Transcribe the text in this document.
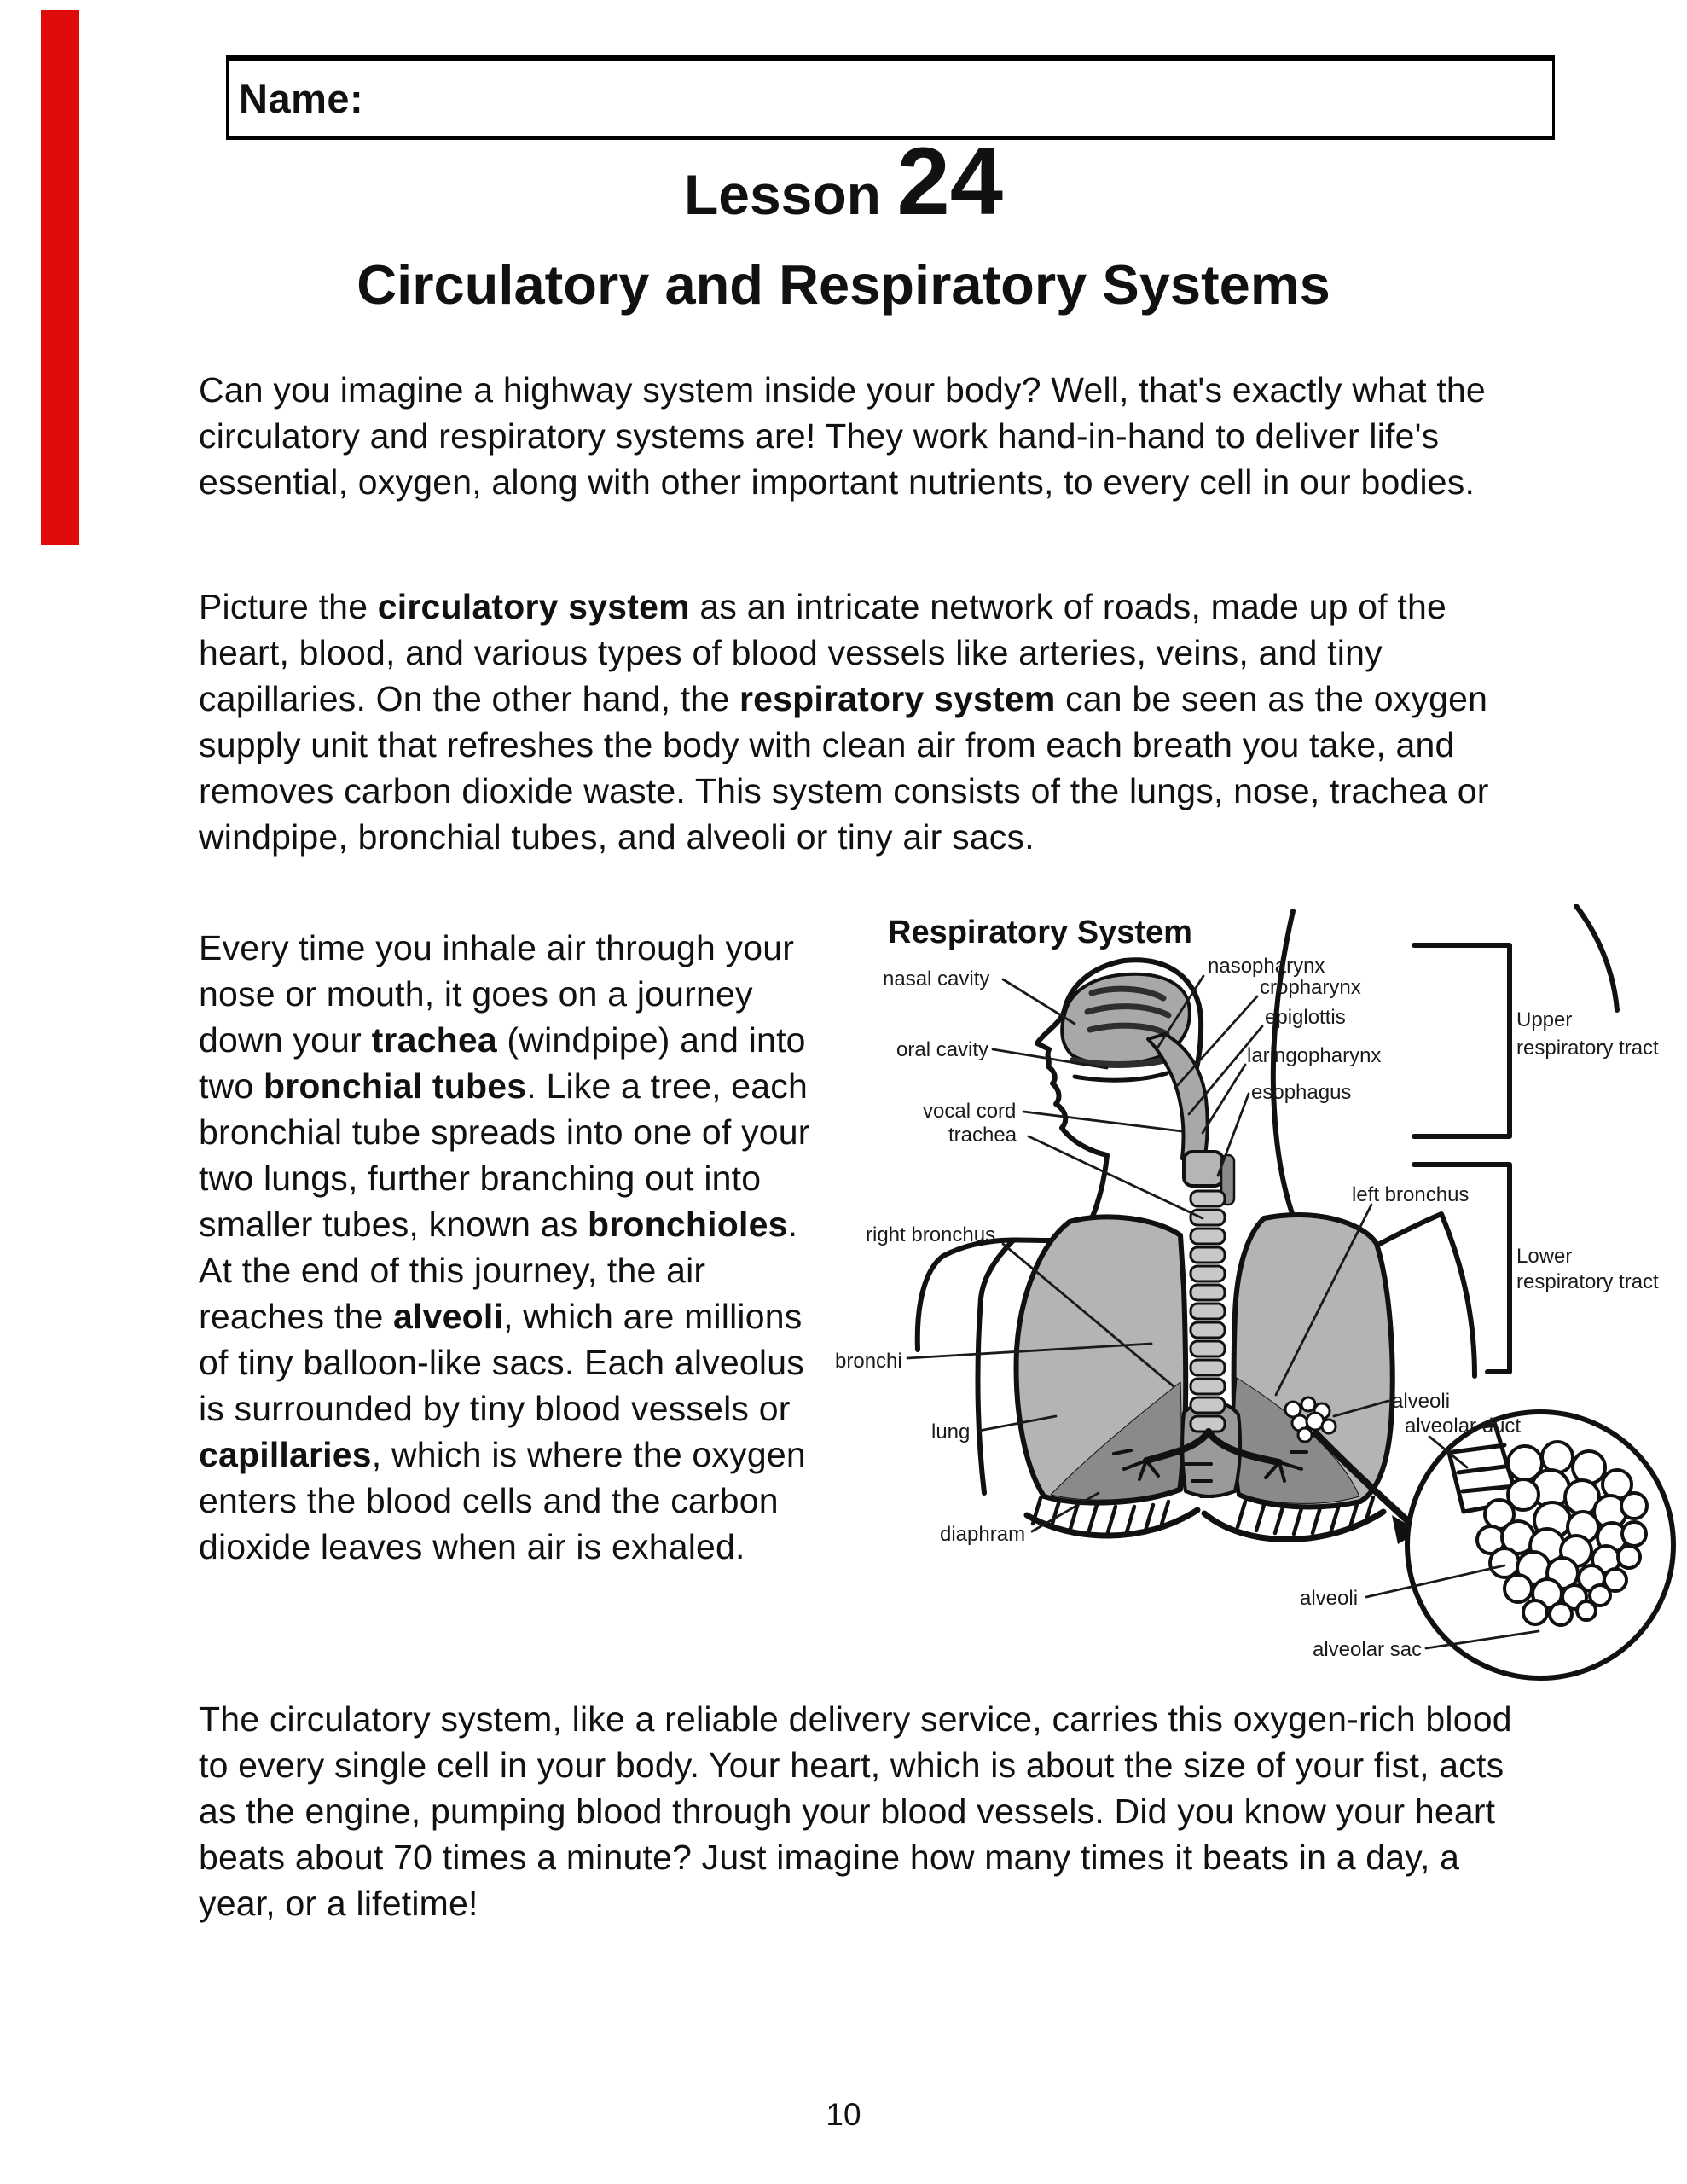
Name:
Lesson 24
Circulatory and Respiratory Systems
Can you imagine a highway system inside your body? Well, that's exactly what the circulatory and respiratory systems are! They work hand-in-hand to deliver life's essential, oxygen, along with other important nutrients, to every cell in our bodies.
Picture the circulatory system as an intricate network of roads, made up of the heart, blood, and various types of blood vessels like arteries, veins, and tiny capillaries. On the other hand, the respiratory system can be seen as the oxygen supply unit that refreshes the body with clean air from each breath you take, and removes carbon dioxide waste. This system consists of the lungs, nose, trachea or windpipe, bronchial tubes, and alveoli or tiny air sacs.
Every time you inhale air through your nose or mouth, it goes on a journey down your trachea (windpipe) and into two bronchial tubes. Like a tree, each bronchial tube spreads into one of your two lungs, further branching out into smaller tubes, known as bronchioles. At the end of this journey, the air reaches the alveoli, which are millions of tiny balloon-like sacs. Each alveolus is surrounded by tiny blood vessels or capillaries, which is where the oxygen enters the blood cells and the carbon dioxide leaves when air is exhaled.
Respiratory System
nasal cavity
nasopharynx
cropharynx
epiglottis
oral cavity	laringopharynx
esophagus
vocal cord
trachea
Upper
respiratory tract
left bronchus
right bronchus
Lower
respiratory tract
bronchi
alveoli
alveolar duct
lung
diaphram
alveoli
alveolar sac
The circulatory system, like a reliable delivery service, carries this oxygen-rich blood to every single cell in your body. Your heart, which is about the size of your fist, acts as the engine, pumping blood through your blood vessels. Did you know your heart beats about 70 times a minute? Just imagine how many times it beats in a day, a year, or a lifetime!
10
